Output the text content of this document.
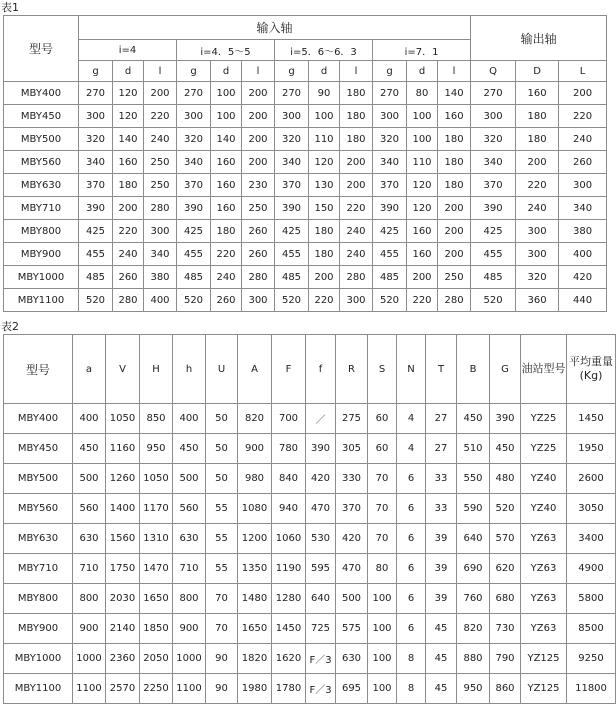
表1
型号	输入轴												输出轴		
	i=4			i=4．5～5			i=5．6～6．3			i=7．1					
	g	d	l	g	d	l	g	d	l	g	d	l	Q	D	L
MBY400	270	120	200	270	100	200	270	90	180	270	80	140	270	160	200
MBY450	300	120	220	300	100	200	300	100	180	300	100	160	300	180	220
MBY500	320	140	240	320	140	200	320	110	180	320	100	180	320	180	240
MBY560	340	160	250	340	160	200	340	120	200	340	110	180	340	200	260
MBY630	370	180	250	370	160	230	370	130	200	370	120	180	370	220	300
MBY710	390	200	280	390	160	250	390	150	220	390	120	200	390	240	340
MBY800	425	220	300	425	180	260	425	180	240	425	160	200	425	300	380
MBY900	455	240	340	455	220	260	455	180	240	455	160	200	455	300	400
MBY1000	485	260	380	485	240	280	485	200	280	485	200	250	485	320	420
MBY1100	520	280	400	520	260	300	520	220	300	520	220	280	520	360	440
表2
型号	a	V	H	h	U	A	F	f	R	S	N	T	B	G	油站型号	平均重量(Kg)
MBY400	400	1050	850	400	50	820	700	／	275	60	4	27	450	390	YZ25	1450
MBY450	450	1160	950	450	50	900	780	390	305	60	4	27	510	450	YZ25	1950
MBY500	500	1260	1050	500	50	980	840	420	330	70	6	33	550	480	YZ40	2600
MBY560	560	1400	1170	560	55	1080	940	470	370	70	6	33	590	520	YZ40	3050
MBY630	630	1560	1310	630	55	1200	1060	530	420	70	6	39	640	570	YZ63	3400
MBY710	710	1750	1470	710	55	1350	1190	595	470	80	6	39	690	620	YZ63	4900
MBY800	800	2030	1650	800	70	1480	1280	640	500	100	6	39	760	680	YZ63	5800
MBY900	900	2140	1850	900	70	1650	1450	725	575	100	6	45	820	730	YZ63	8500
MBY1000	1000	2360	2050	1000	90	1820	1620	F／3	630	100	8	45	880	790	YZ125	9250
MBY1100	1100	2570	2250	1100	90	1980	1780	F／3	695	100	8	45	950	860	YZ125	11800
